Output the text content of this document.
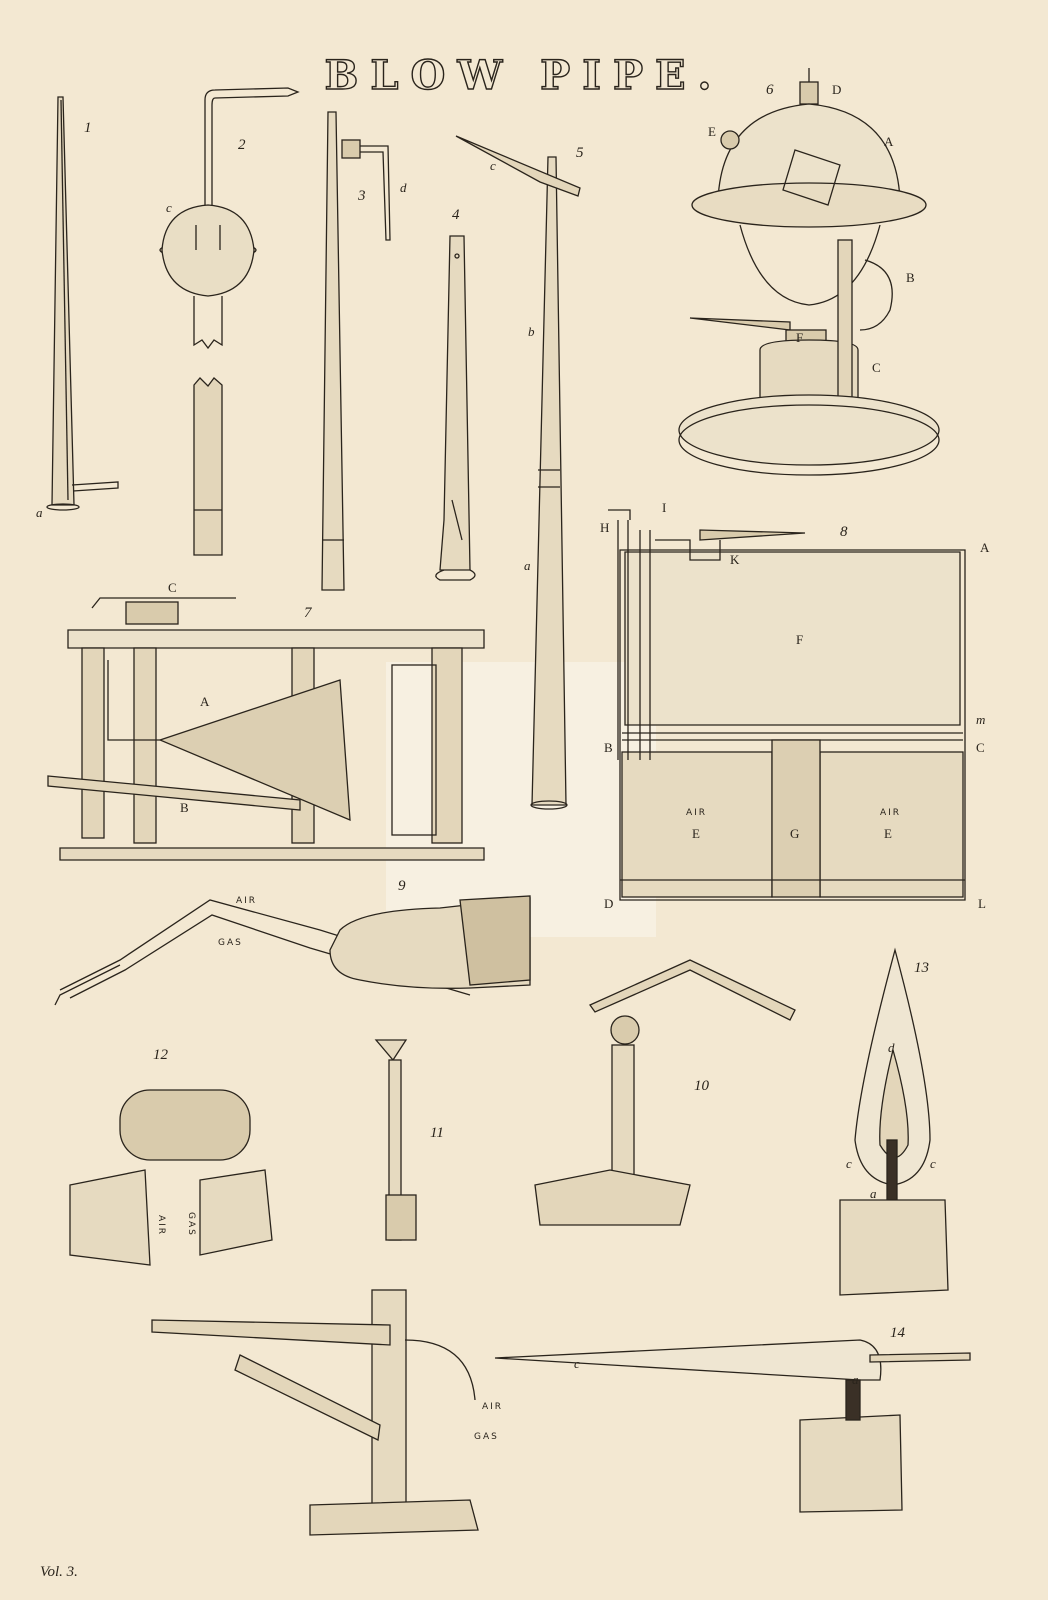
BLOW PIPE.
1
2
3
4
5
6
7
8
9
10
11
12
13
14
a
c
d
c
b
a
D
E
A
B
F
C
C
A
B
H
I
K
A
F
m
B	C
AIR
E	G
AIR
E
D	L
AIR
GAS
AIR
GAS
AIR GAS
d
c	c
a
c
a
Vol. 3.
